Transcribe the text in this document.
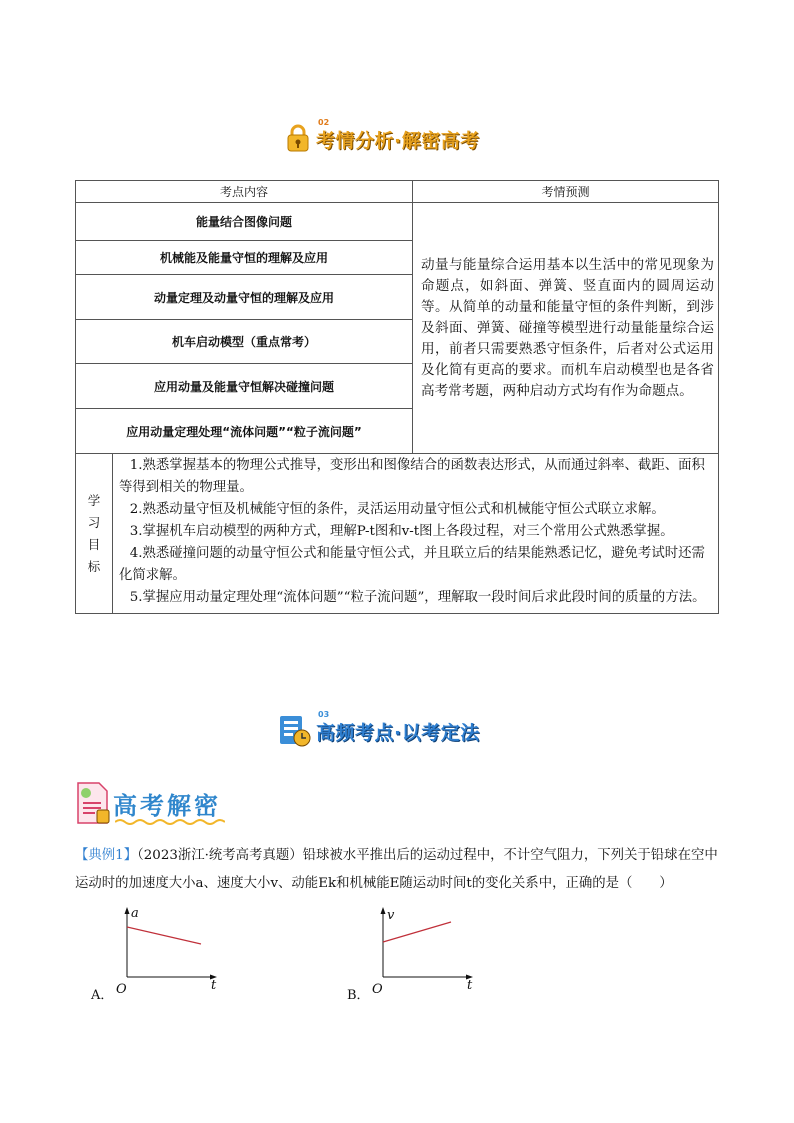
02
考情分析·解密高考
考点内容	考情预测
能量结合图像问题	动量与能量综合运用基本以生活中的常见现象为命题点，如斜面、弹簧、竖直面内的圆周运动等。从简单的动量和能量守恒的条件判断，到涉及斜面、弹簧、碰撞等模型进行动量能量综合运用，前者只需要熟悉守恒条件，后者对公式运用及化简有更高的要求。而机车启动模型也是各省高考常考题，两种启动方式均有作为命题点。
机械能及能量守恒的理解及应用
动量定理及动量守恒的理解及应用
机车启动模型（重点常考）
应用动量及能量守恒解决碰撞问题
应用动量定理处理“流体问题”“粒子流问题”

学
习
目
标

1.熟悉掌握基本的物理公式推导，变形出和图像结合的函数表达形式，从而通过斜率、截距、面积等得到相关的物理量。

2.熟悉动量守恒及机械能守恒的条件，灵活运用动量守恒公式和机械能守恒公式联立求解。

3.掌握机车启动模型的两种方式，理解P-t图和v-t图上各段过程，对三个常用公式熟悉掌握。

4.熟悉碰撞问题的动量守恒公式和能量守恒公式，并且联立后的结果能熟悉记忆，避免考试时还需化简求解。

5.掌握应用动量定理处理“流体问题”“粒子流问题”，理解取一段时间后求此段时间的质量的方法。

03
高频考点·以考定法
高考解密
【典例1】（2023浙江·统考高考真题）铅球被水平推出后的运动过程中，不计空气阻力，下列关于铅球在空中运动时的加速度大小a、速度大小v、动能Ek和机械能E随运动时间t的变化关系中，正确的是（　　）
A．
a
t
O	B．
v
t
O
